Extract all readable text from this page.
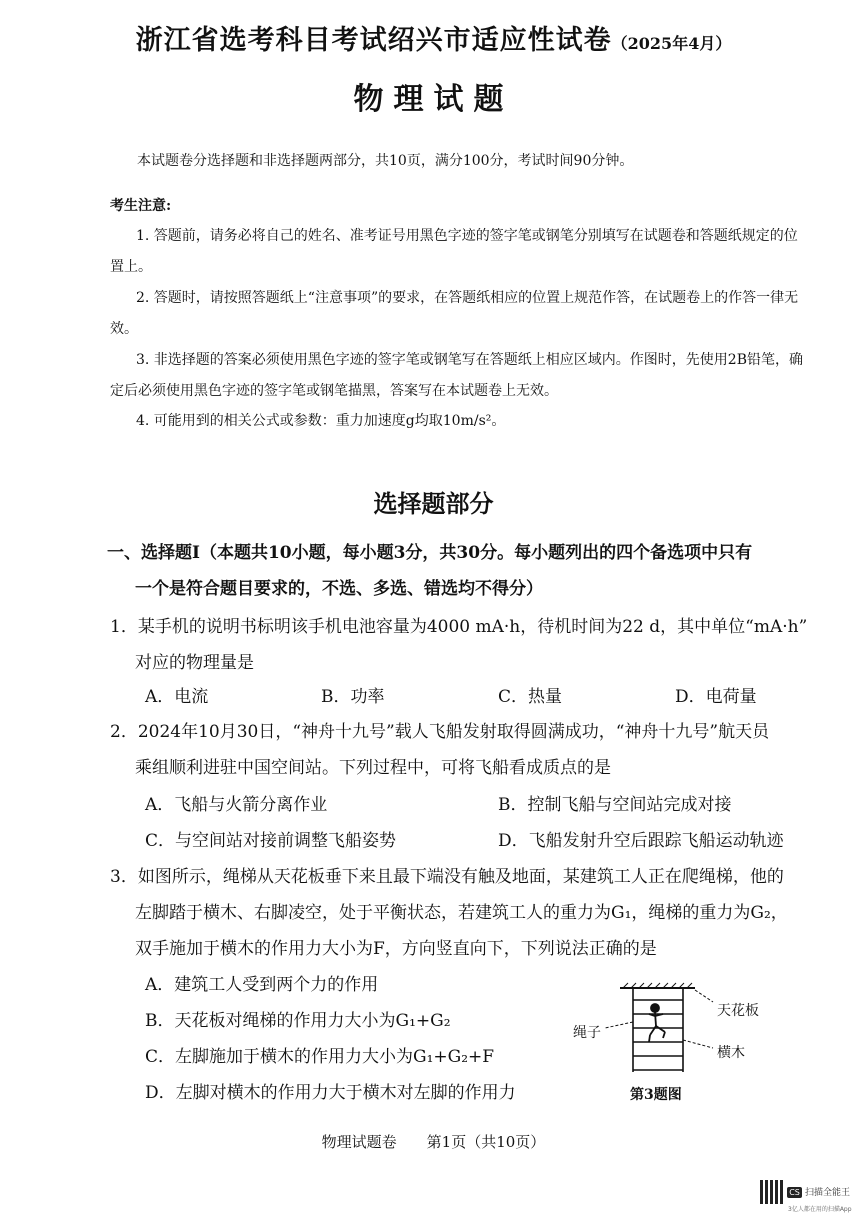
浙江省选考科目考试绍兴市适应性试卷（2025年4月）
物理试题
本试题卷分选择题和非选择题两部分，共10页，满分100分，考试时间90分钟。
考生注意:
1. 答题前，请务必将自己的姓名、准考证号用黑色字迹的签字笔或钢笔分别填写在试题卷和答题纸规定的位置上。
2. 答题时，请按照答题纸上“注意事项”的要求，在答题纸相应的位置上规范作答，在试题卷上的作答一律无效。
3. 非选择题的答案必须使用黑色字迹的签字笔或钢笔写在答题纸上相应区域内。作图时，先使用2B铅笔，确定后必须使用黑色字迹的签字笔或钢笔描黑，答案写在本试题卷上无效。
4. 可能用到的相关公式或参数：重力加速度g均取10m/s²。
选择题部分
一、选择题Ⅰ（本题共10小题，每小题3分，共30分。每小题列出的四个备选项中只有
一个是符合题目要求的，不选、多选、错选均不得分）
1．某手机的说明书标明该手机电池容量为4000 mA·h，待机时间为22 d，其中单位“mA·h”
对应的物理量是
A．电流	B．功率	C．热量	D．电荷量
2．2024年10月30日，“神舟十九号”载人飞船发射取得圆满成功，“神舟十九号”航天员
乘组顺利进驻中国空间站。下列过程中，可将飞船看成质点的是
A．飞船与火箭分离作业	B．控制飞船与空间站完成对接
C．与空间站对接前调整飞船姿势	D．飞船发射升空后跟踪飞船运动轨迹
3．如图所示，绳梯从天花板垂下来且最下端没有触及地面，某建筑工人正在爬绳梯，他的
左脚踏于横木、右脚凌空，处于平衡状态，若建筑工人的重力为G₁，绳梯的重力为G₂，
双手施加于横木的作用力大小为F，方向竖直向下，下列说法正确的是
A．建筑工人受到两个力的作用
B．天花板对绳梯的作用力大小为G₁+G₂
C．左脚施加于横木的作用力大小为G₁+G₂+F
D．左脚对横木的作用力大于横木对左脚的作用力
天花板
绳子
横木
第3题图
物理试题卷　　第1页（共10页）
CS 扫描全能王
3亿人都在用的扫描App
